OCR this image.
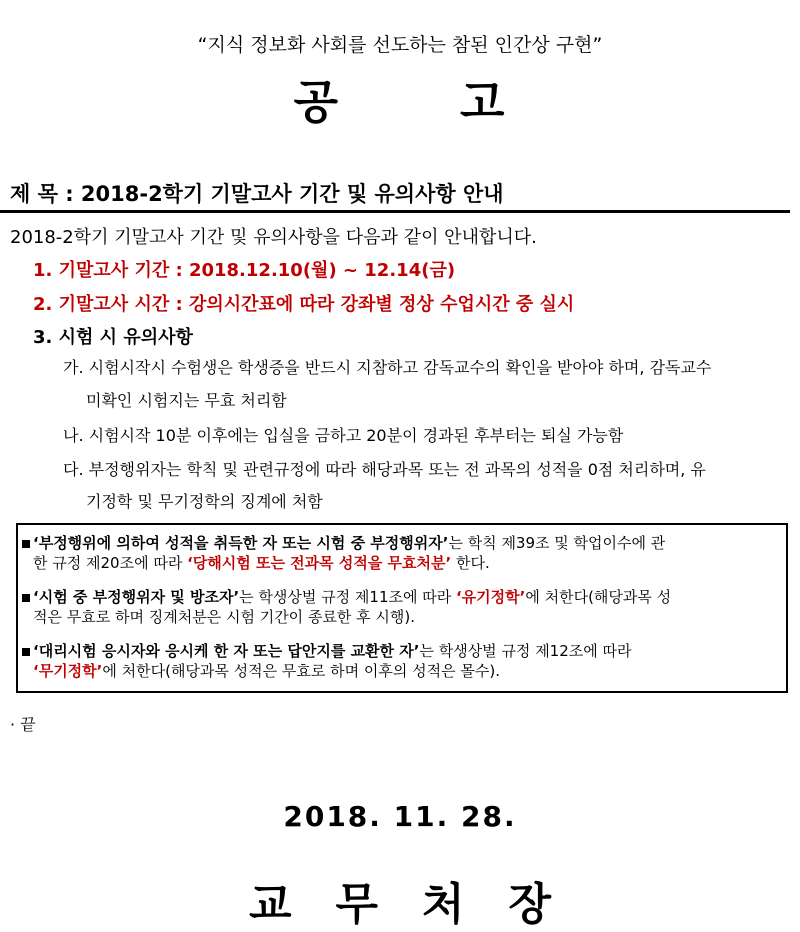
“지식 정보화 사회를 선도하는 참된 인간상 구현”
공	고
제 목 : 2018-2학기 기말고사 기간 및 유의사항 안내
2018-2학기 기말고사 기간 및 유의사항을 다음과 같이 안내합니다.
1. 기말고사 기간 : 2018.12.10(월) ~ 12.14(금)
2. 기말고사 시간 : 강의시간표에 따라 강좌별 정상 수업시간 중 실시
3. 시험 시 유의사항
가. 시험시작시 수험생은 학생증을 반드시 지참하고 감독교수의 확인을 받아야 하며, 감독교수
미확인 시험지는 무효 처리함
나. 시험시작 10분 이후에는 입실을 금하고 20분이 경과된 후부터는 퇴실 가능함
다. 부정행위자는 학칙 및 관련규정에 따라 해당과목 또는 전 과목의 성적을 0점 처리하며, 유
기정학 및 무기정학의 징계에 처함
‘부정행위에 의하여 성적을 취득한 자 또는 시험 중 부정행위자’는 학칙 제39조 및 학업이수에 관
한 규정 제20조에 따라 ‘당해시험 또는 전과목 성적을 무효처분’ 한다.
‘시험 중 부정행위자 및 방조자’는 학생상벌 규정 제11조에 따라 ‘유기정학’에 처한다(해당과목 성
적은 무효로 하며 징계처분은 시험 기간이 종료한 후 시행).
‘대리시험 응시자와 응시케 한 자 또는 답안지를 교환한 자’는 학생상벌 규정 제12조에 따라
‘무기정학’에 처한다(해당과목 성적은 무효로 하며 이후의 성적은 몰수).
· 끝
2018. 11. 28.
교 무 처 장
